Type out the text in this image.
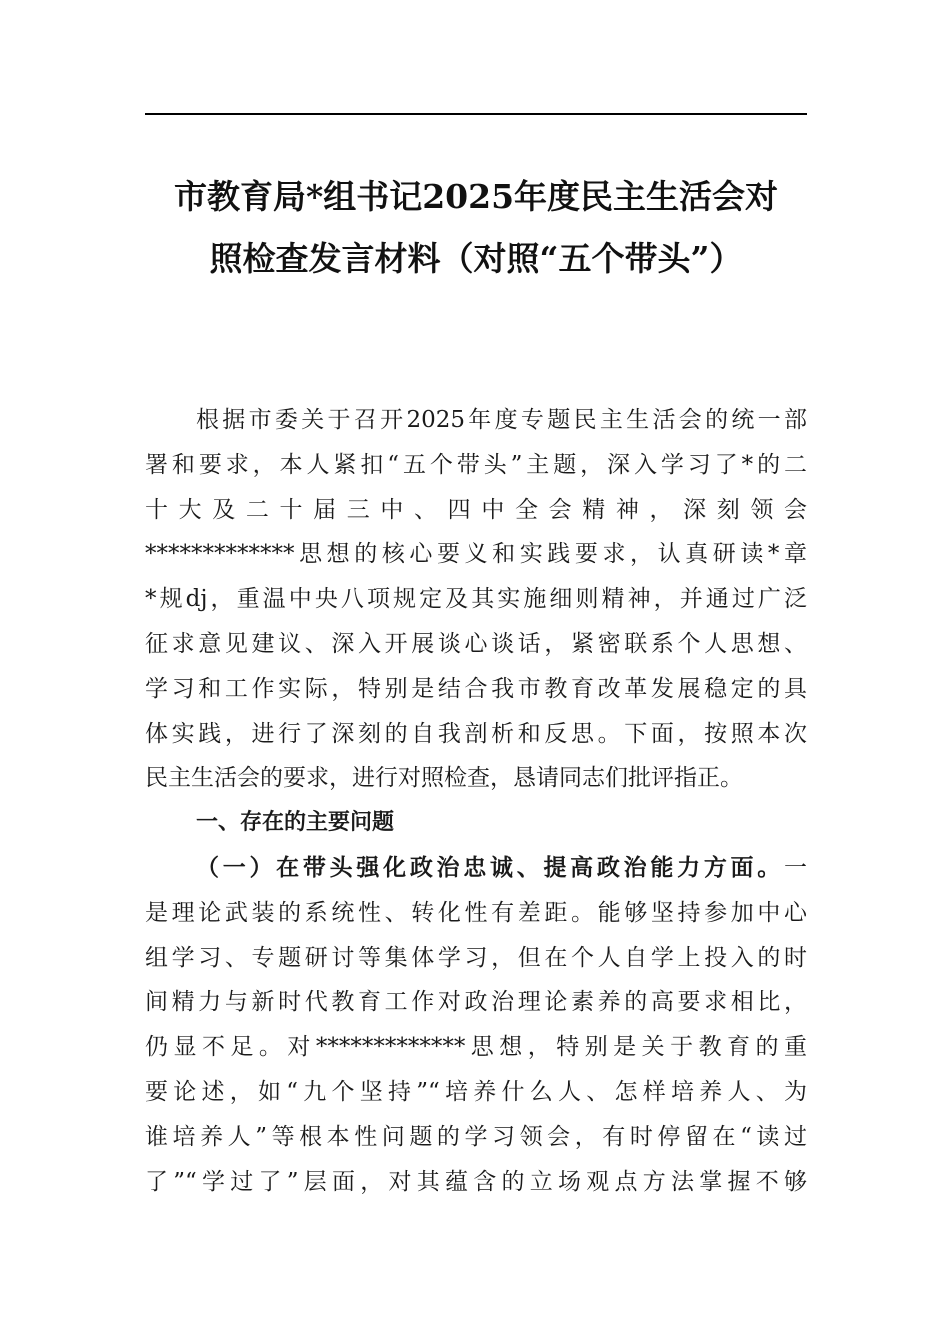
市教育局*组书记2025年度民主生活会对
照检查发言材料（对照“五个带头”）
根据市委关于召开2025年度专题民主生活会的统一部
署和要求，本人紧扣“五个带头”主题，深入学习了*的二
十大及二十届三中、四中全会精神，深刻领会
*************思想的核心要义和实践要求，认真研读*章
*规dj，重温中央八项规定及其实施细则精神，并通过广泛
征求意见建议、深入开展谈心谈话，紧密联系个人思想、
学习和工作实际，特别是结合我市教育改革发展稳定的具
体实践，进行了深刻的自我剖析和反思。下面，按照本次
民主生活会的要求，进行对照检查，恳请同志们批评指正。
一、存在的主要问题
（一）在带头强化政治忠诚、提高政治能力方面。一
是理论武装的系统性、转化性有差距。能够坚持参加中心
组学习、专题研讨等集体学习，但在个人自学上投入的时
间精力与新时代教育工作对政治理论素养的高要求相比，
仍显不足。对*************思想，特别是关于教育的重
要论述，如“九个坚持”“培养什么人、怎样培养人、为
谁培养人”等根本性问题的学习领会，有时停留在“读过
了”“学过了”层面，对其蕴含的立场观点方法掌握不够
